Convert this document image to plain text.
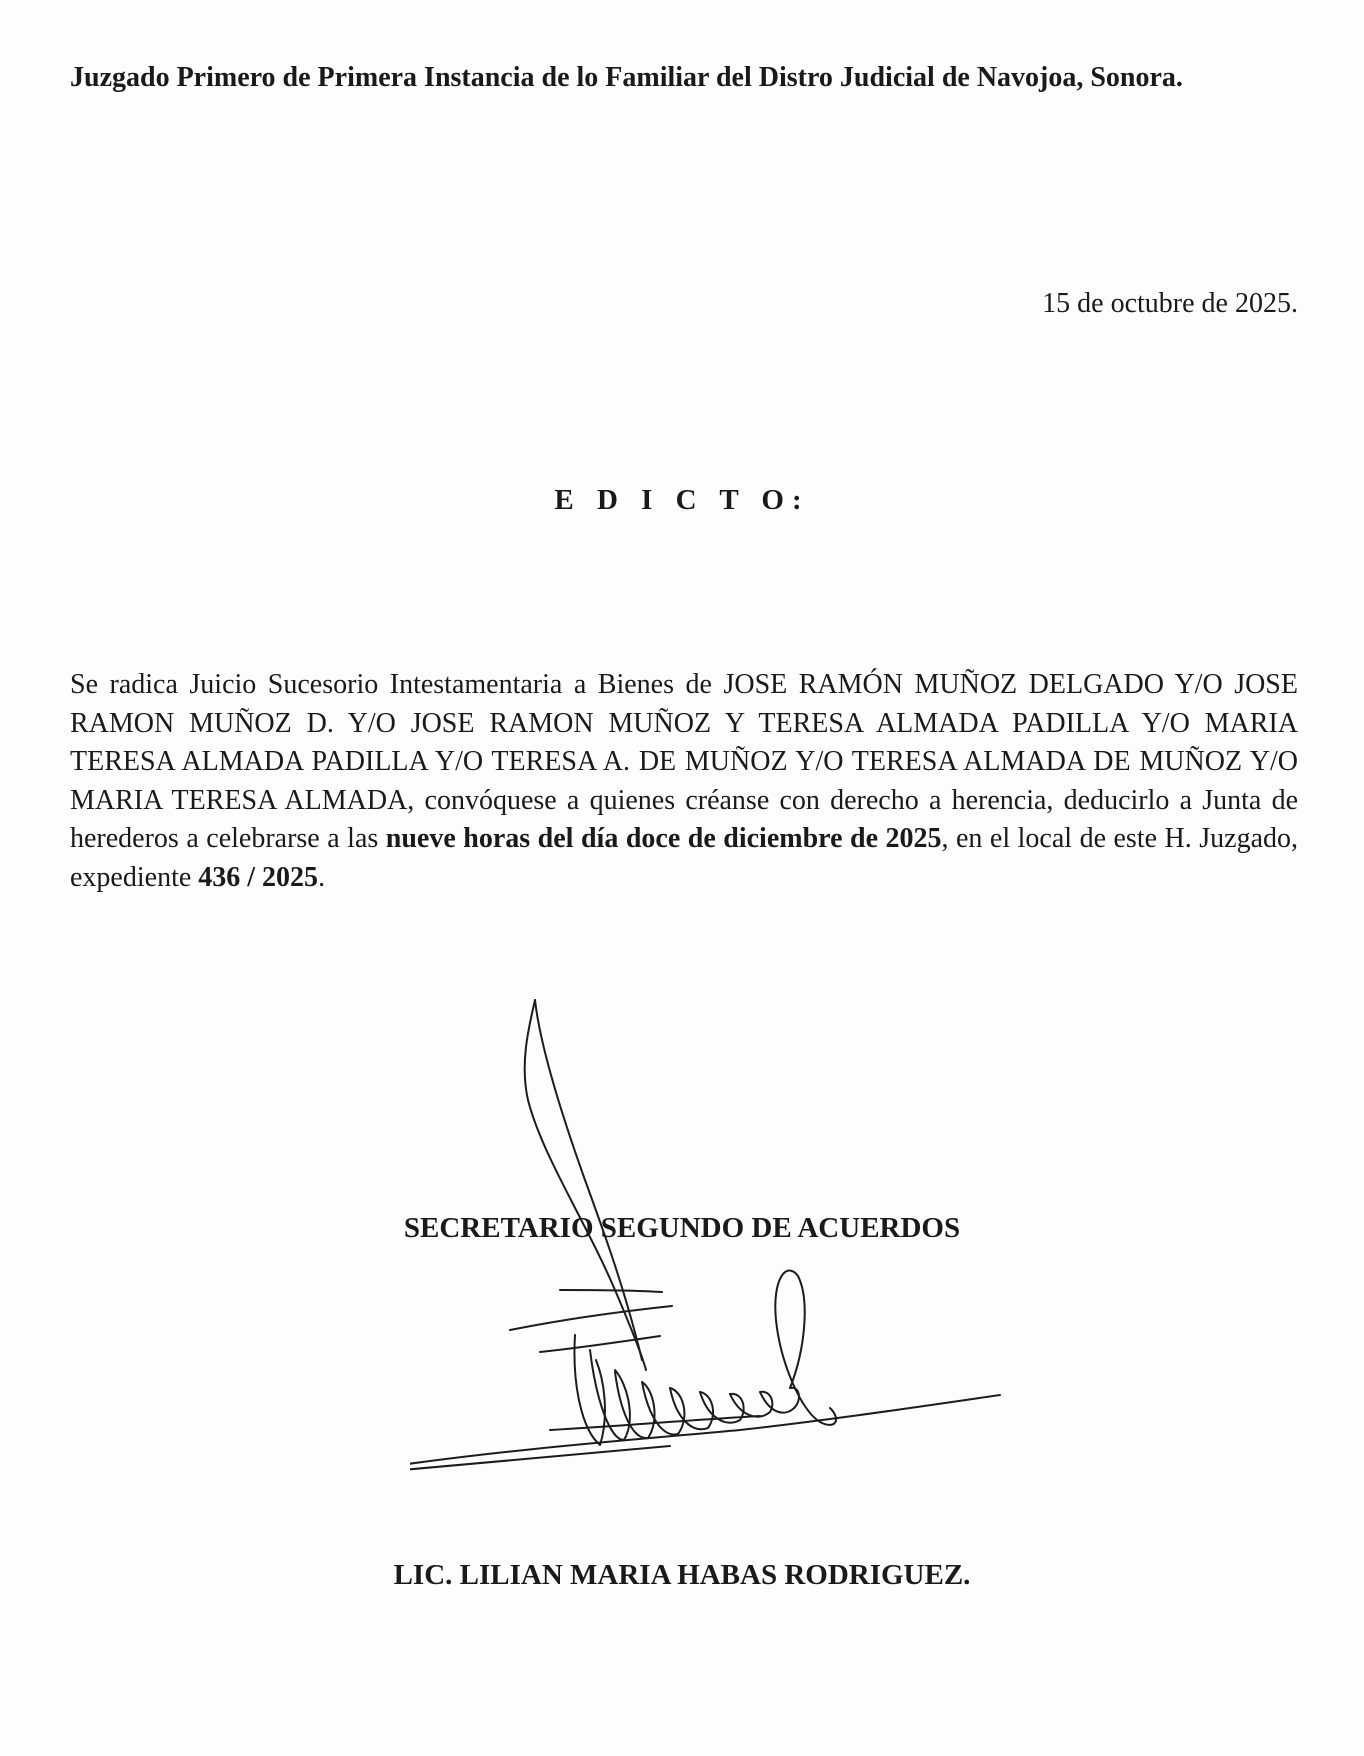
Juzgado Primero de Primera Instancia de lo Familiar del Distro Judicial de Navojoa, Sonora.
15 de octubre de 2025.
E D I C T O:
Se radica Juicio Sucesorio Intestamentaria a Bienes de JOSE RAMÓN MUÑOZ DELGADO Y/O JOSE RAMON MUÑOZ D. Y/O JOSE RAMON MUÑOZ Y TERESA ALMADA PADILLA Y/O MARIA TERESA ALMADA PADILLA Y/O TERESA A. DE MUÑOZ Y/O TERESA ALMADA DE MUÑOZ Y/O MARIA TERESA ALMADA, convóquese a quienes créanse con derecho a herencia, deducirlo a Junta de herederos a celebrarse a las nueve horas del día doce de diciembre de 2025, en el local de este H. Juzgado, expediente 436 / 2025.
SECRETARIO SEGUNDO DE ACUERDOS
LIC. LILIAN MARIA HABAS RODRIGUEZ.
